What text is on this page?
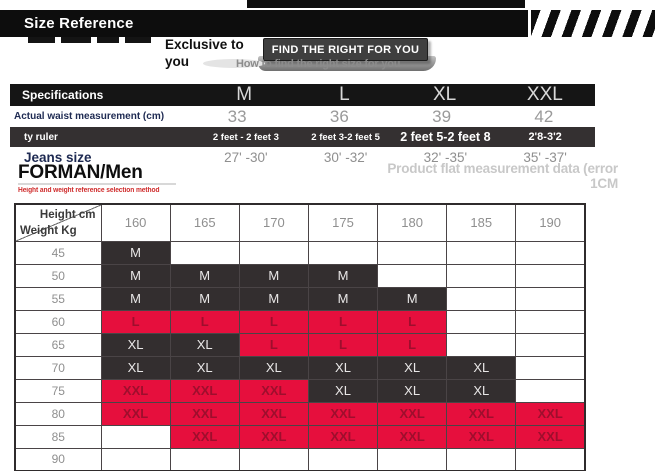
Size Reference
Exclusive to you
FIND THE RIGHT FOR YOU
How to find the right size for you
Specifications	M	L	XL	XXL
Actual waist measurement (cm)	33	36	39	42
ty ruler	2 feet - 2 feet 3	2 feet 3-2 feet 5	2 feet 5-2 feet 8	2'8-3'2
Jeans size	27' -30'	30' -32'	32' -35'	35' -37'
FORMAN/Men
Height and weight reference selection method
Product flat measurement data (error 1CM
Height cm
Weight Kg	160	165	170	175	180	185	190
45	M						
50	M	M	M	M			
55	M	M	M	M	M		
60	L	L	L	L	L		
65	XL	XL	L	L	L		
70	XL	XL	XL	XL	XL	XL	
75	XXL	XXL	XXL	XL	XL	XL	
80	XXL	XXL	XXL	XXL	XXL	XXL	XXL
85		XXL	XXL	XXL	XXL	XXL	XXL
90							
